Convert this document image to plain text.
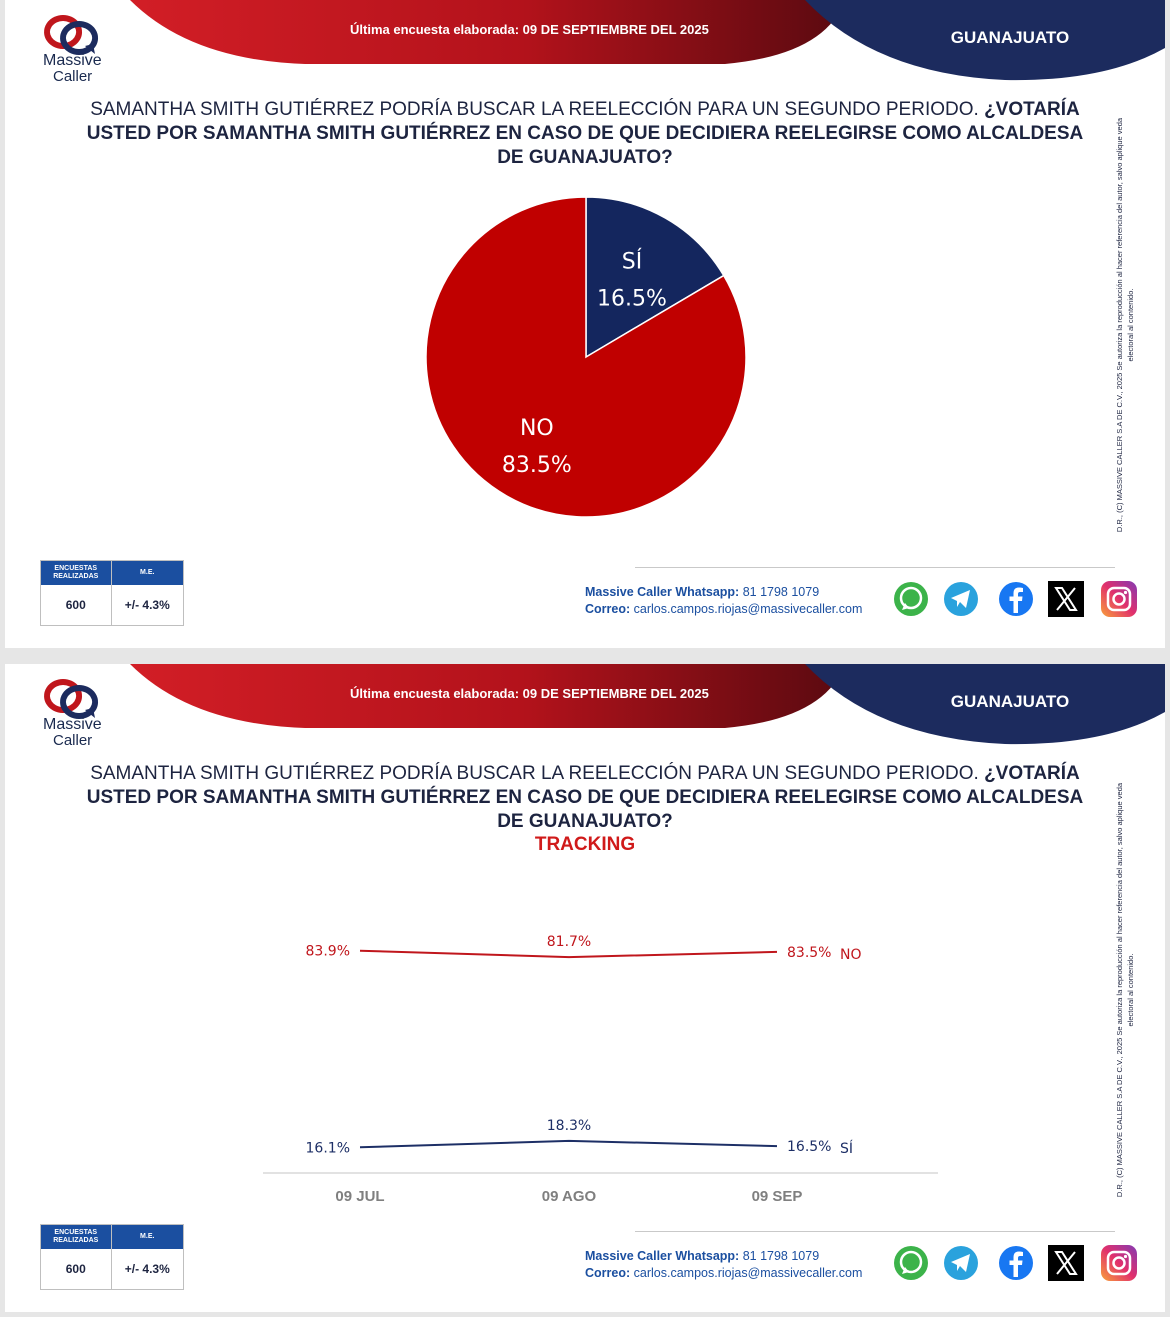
Massive
Caller
Última encuesta elaborada: 09 DE SEPTIEMBRE DEL 2025	GUANAJUATO
SAMANTHA SMITH GUTIÉRREZ PODRÍA BUSCAR LA REELECCIÓN PARA UN SEGUNDO PERIODO. ¿VOTARÍA USTED POR SAMANTHA SMITH GUTIÉRREZ EN CASO DE QUE DECIDIERA REELEGIRSE COMO ALCALDESA DE GUANAJUATO?
SÍ
16.5%
NO
83.5%	D.R., (C) MASSIVE CALLER S.A DE C.V., 2025 Se autoriza la reproducción al hacer referencia del autor, salvo aplique veda electoral al contenido.
ENCUESTAS REALIZADAS
M.E.
600	+/- 4.3%
Massive Caller Whatsapp: 81 1798 1079
Correo: carlos.campos.riojas@massivecaller.com
Massive
Caller
Última encuesta elaborada: 09 DE SEPTIEMBRE DEL 2025	GUANAJUATO
SAMANTHA SMITH GUTIÉRREZ PODRÍA BUSCAR LA REELECCIÓN PARA UN SEGUNDO PERIODO. ¿VOTARÍA USTED POR SAMANTHA SMITH GUTIÉRREZ EN CASO DE QUE DECIDIERA REELEGIRSE COMO ALCALDESA DE GUANAJUATO?
TRACKING
09 JUL	09 AGO	09 SEP
83.9%
81.7%
83.5% NO
16.1%
18.3%
16.5% SÍ	D.R., (C) MASSIVE CALLER S.A DE C.V., 2025 Se autoriza la reproducción al hacer referencia del autor, salvo aplique veda electoral al contenido.
ENCUESTAS REALIZADAS
M.E.
600	+/- 4.3%
Massive Caller Whatsapp: 81 1798 1079
Correo: carlos.campos.riojas@massivecaller.com
